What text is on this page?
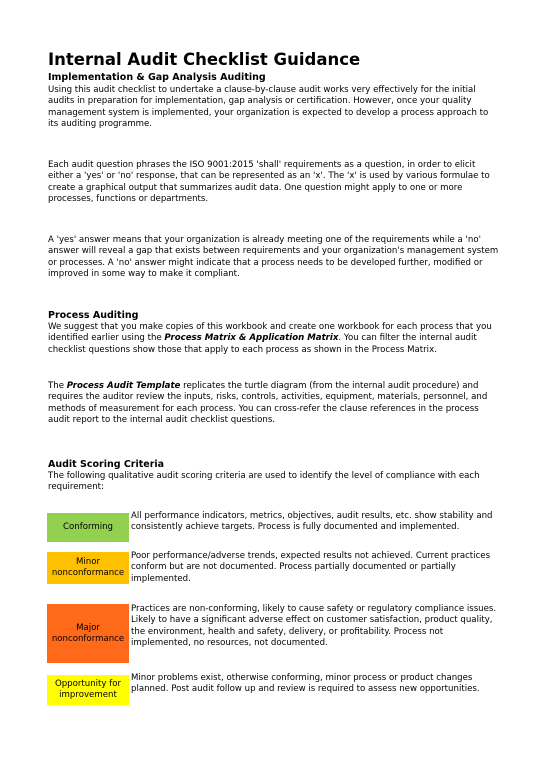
Internal Audit Checklist Guidance
Implementation & Gap Analysis Auditing
Using this audit checklist to undertake a clause-by-clause audit works very effectively for the initial audits in preparation for implementation, gap analysis or certification. However, once your quality management system is implemented, your organization is expected to develop a process approach to its auditing programme.
Each audit question phrases the ISO 9001:2015 'shall' requirements as a question, in order to elicit either a 'yes' or 'no' response, that can be represented as an 'x'. The 'x' is used by various formulae to create a graphical output that summarizes audit data. One question might apply to one or more processes, functions or departments.
A 'yes' answer means that your organization is already meeting one of the requirements while a 'no' answer will reveal a gap that exists between requirements and your organization's management system or processes. A 'no' answer might indicate that a process needs to be developed further, modified or improved in some way to make it compliant.
Process Auditing
We suggest that you make copies of this workbook and create one workbook for each process that you identified earlier using the Process Matrix & Application Matrix. You can filter the internal audit checklist questions show those that apply to each process as shown in the Process Matrix.
The Process Audit Template replicates the turtle diagram (from the internal audit procedure) and requires the auditor review the inputs, risks, controls, activities, equipment, materials, personnel, and methods of measurement for each process. You can cross-refer the clause references in the process audit report to the internal audit checklist questions.
Audit Scoring Criteria
The following qualitative audit scoring criteria are used to identify the level of compliance with each requirement:
Conforming
All performance indicators, metrics, objectives, audit results, etc. show stability and consistently achieve targets. Process is fully documented and implemented.
Minor nonconformance
Poor performance/adverse trends, expected results not achieved. Current practices conform but are not documented. Process partially documented or partially implemented.
Major nonconformance
Practices are non-conforming, likely to cause safety or regulatory compliance issues. Likely to have a significant adverse effect on customer satisfaction, product quality, the environment, health and safety, delivery, or profitability. Process not implemented, no resources, not documented.
Opportunity for improvement
Minor problems exist, otherwise conforming, minor process or product changes planned. Post audit follow up and review is required to assess new opportunities.
